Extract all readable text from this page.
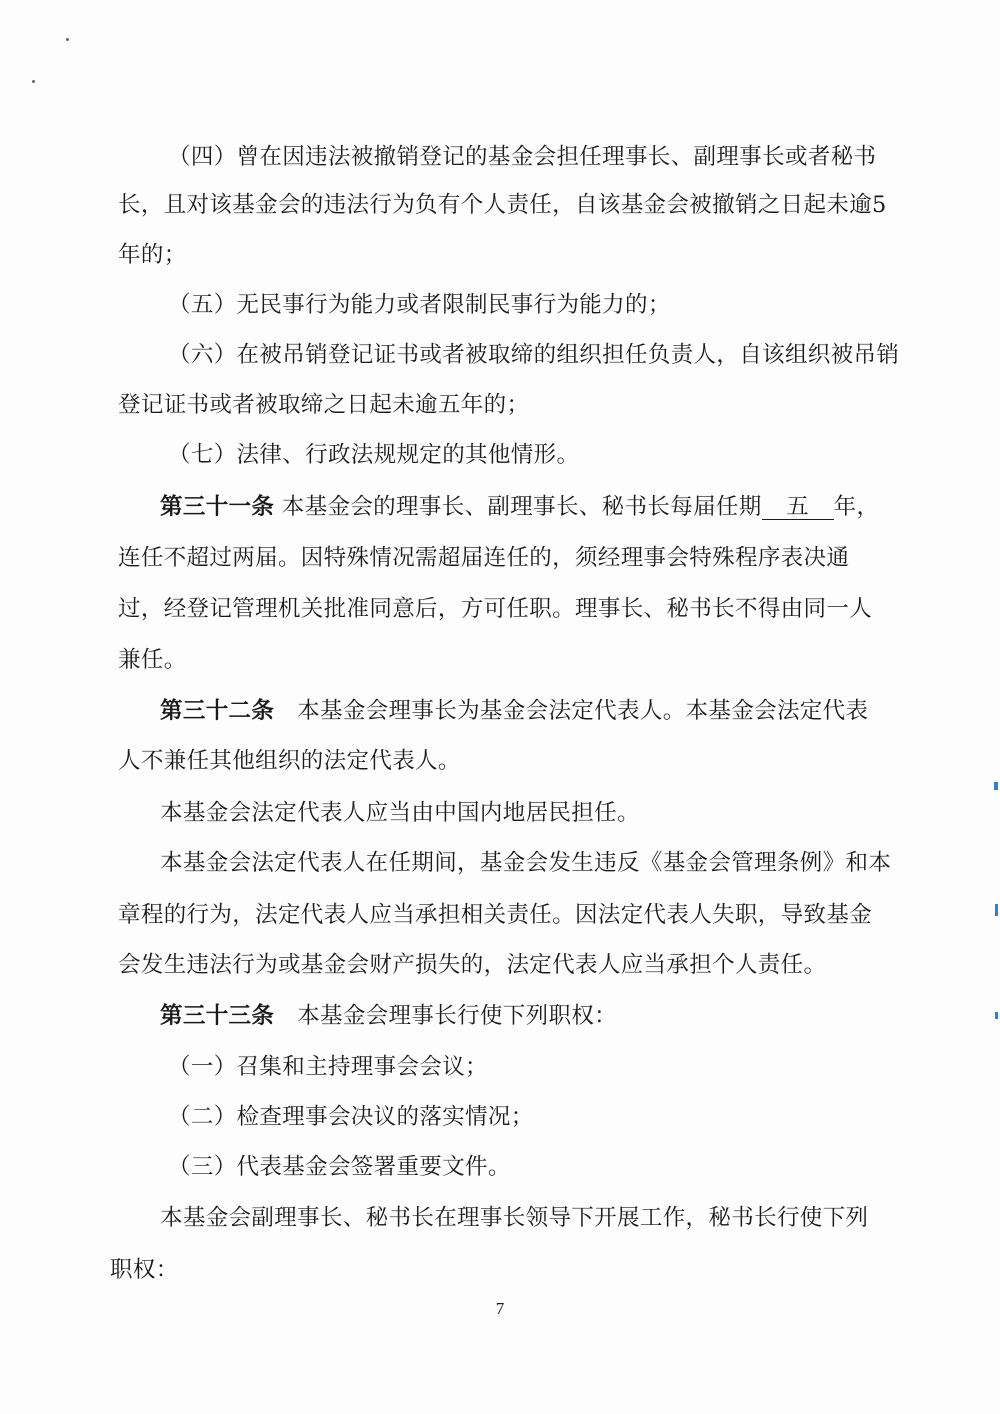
（四）曾在因违法被撤销登记的基金会担任理事长、副理事长或者秘书
长，且对该基金会的违法行为负有个人责任，自该基金会被撤销之日起未逾5
年的；
（五）无民事行为能力或者限制民事行为能力的；
（六）在被吊销登记证书或者被取缔的组织担任负责人，自该组织被吊销
登记证书或者被取缔之日起未逾五年的；
（七）法律、行政法规规定的其他情形。
第三十一条 本基金会的理事长、副理事长、秘书长每届任期 五 年，
连任不超过两届。因特殊情况需超届连任的，须经理事会特殊程序表决通
过，经登记管理机关批准同意后，方可任职。理事长、秘书长不得由同一人
兼任。
第三十二条  本基金会理事长为基金会法定代表人。本基金会法定代表
人不兼任其他组织的法定代表人。
本基金会法定代表人应当由中国内地居民担任。
本基金会法定代表人在任期间，基金会发生违反《基金会管理条例》和本
章程的行为，法定代表人应当承担相关责任。因法定代表人失职，导致基金
会发生违法行为或基金会财产损失的，法定代表人应当承担个人责任。
第三十三条  本基金会理事长行使下列职权：
（一）召集和主持理事会会议；
（二）检查理事会决议的落实情况；
（三）代表基金会签署重要文件。
本基金会副理事长、秘书长在理事长领导下开展工作，秘书长行使下列
职权：
7
